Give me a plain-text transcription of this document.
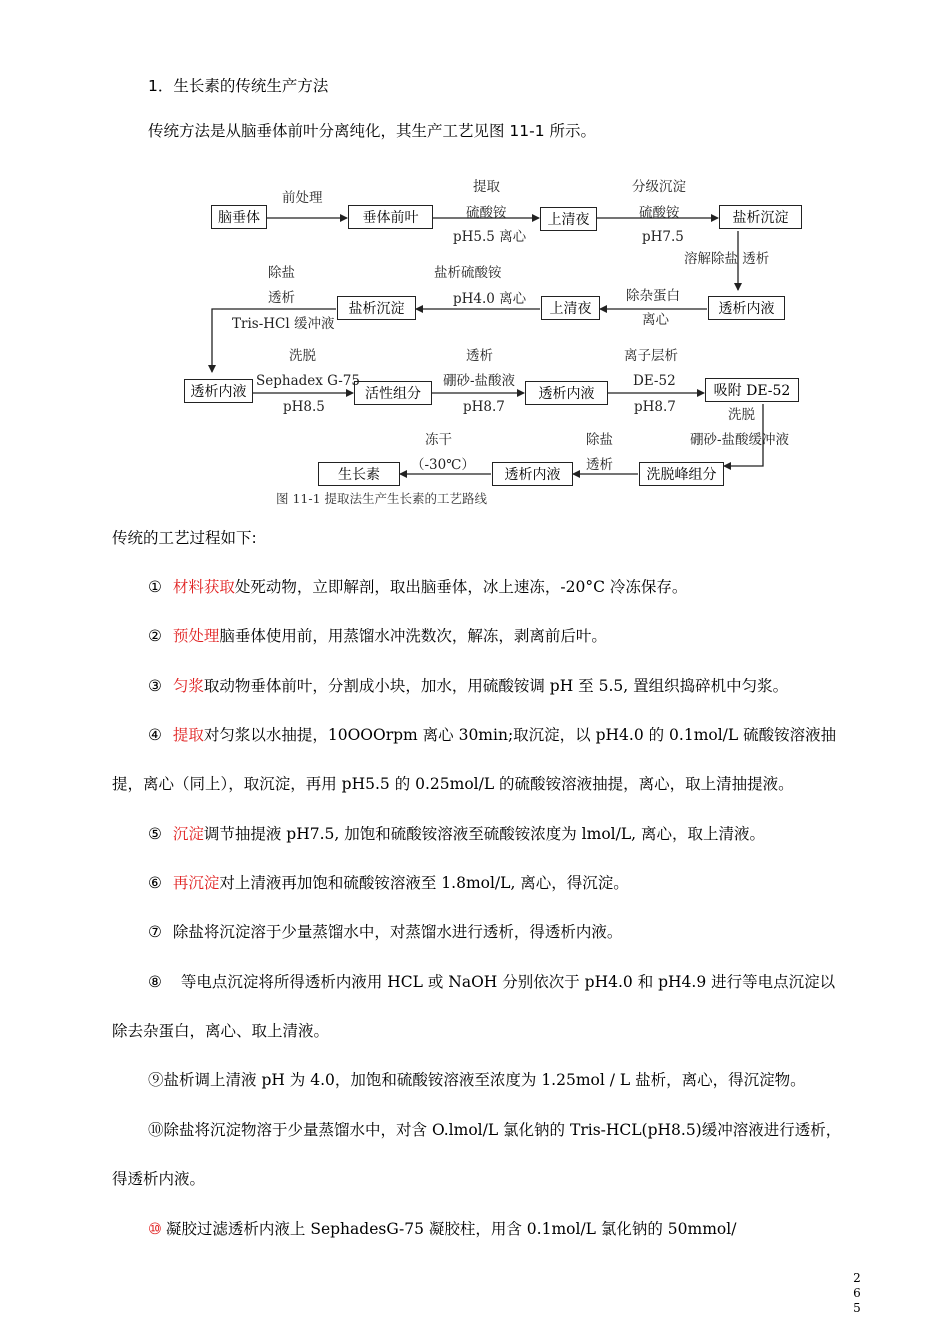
1．生长素的传统生产方法
传统方法是从脑垂体前叶分离纯化，其生产工艺见图 11-1 所示。
脑垂体	垂体前叶	上清夜	盐析沉淀
透析内液
上清夜
盐析沉淀
透析内液	活性组分	透析内液	吸附 DE-52
洗脱峰组分
透析内液
生长素
前处理
提取
硫酸铵
pH5.5 离心
分级沉淀
硫酸铵
pH7.5
溶解除盐 透析
除杂蛋白
离心
盐析硫酸铵
pH4.0 离心
除盐
透析
Tris-HCl 缓冲液
洗脱
Sephadex G-75
pH8.5
透析
硼砂-盐酸液
pH8.7
离子层析
DE-52
pH8.7	洗脱
硼砂-盐酸缓冲液
除盐
透析
冻干
（-30℃）
图 11-1 提取法生产生长素的工艺路线
传统的工艺过程如下:
① 材料获取处死动物，立即解剖，取出脑垂体，冰上速冻，-20°C 冷冻保存。
② 预处理脑垂体使用前，用蒸馏水冲洗数次，解冻，剥离前后叶。
③ 匀浆取动物垂体前叶，分割成小块，加水，用硫酸铵调 pH 至 5.5, 置组织捣碎机中匀浆。
④ 提取对匀浆以水抽提，10OOOrpm 离心 30min;取沉淀，以 pH4.0 的 0.1mol/L 硫酸铵溶液抽
提，离心（同上），取沉淀，再用 pH5.5 的 0.25mol/L 的硫酸铵溶液抽提，离心，取上清抽提液。
⑤ 沉淀调节抽提液 pH7.5, 加饱和硫酸铵溶液至硫酸铵浓度为 lmol/L, 离心，取上清液。
⑥ 再沉淀对上清液再加饱和硫酸铵溶液至 1.8mol/L, 离心，得沉淀。
⑦ 除盐将沉淀溶于少量蒸馏水中，对蒸馏水进行透析，得透析内液。
⑧ 等电点沉淀将所得透析内液用 HCL 或 NaOH 分别依次于 pH4.0 和 pH4.9 进行等电点沉淀以
除去杂蛋白，离心、取上清液。
⑨盐析调上清液 pH 为 4.0，加饱和硫酸铵溶液至浓度为 1.25mol / L 盐析，离心，得沉淀物。
⑩除盐将沉淀物溶于少量蒸馏水中，对含 O.lmol/L 氯化钠的 Tris-HCL(pH8.5)缓冲溶液进行透析，
得透析内液。
⑩ 凝胶过滤透析内液上 SephadesG-75 凝胶柱，用含 0.1mol/L 氯化钠的 50mmol/
2
6
5
